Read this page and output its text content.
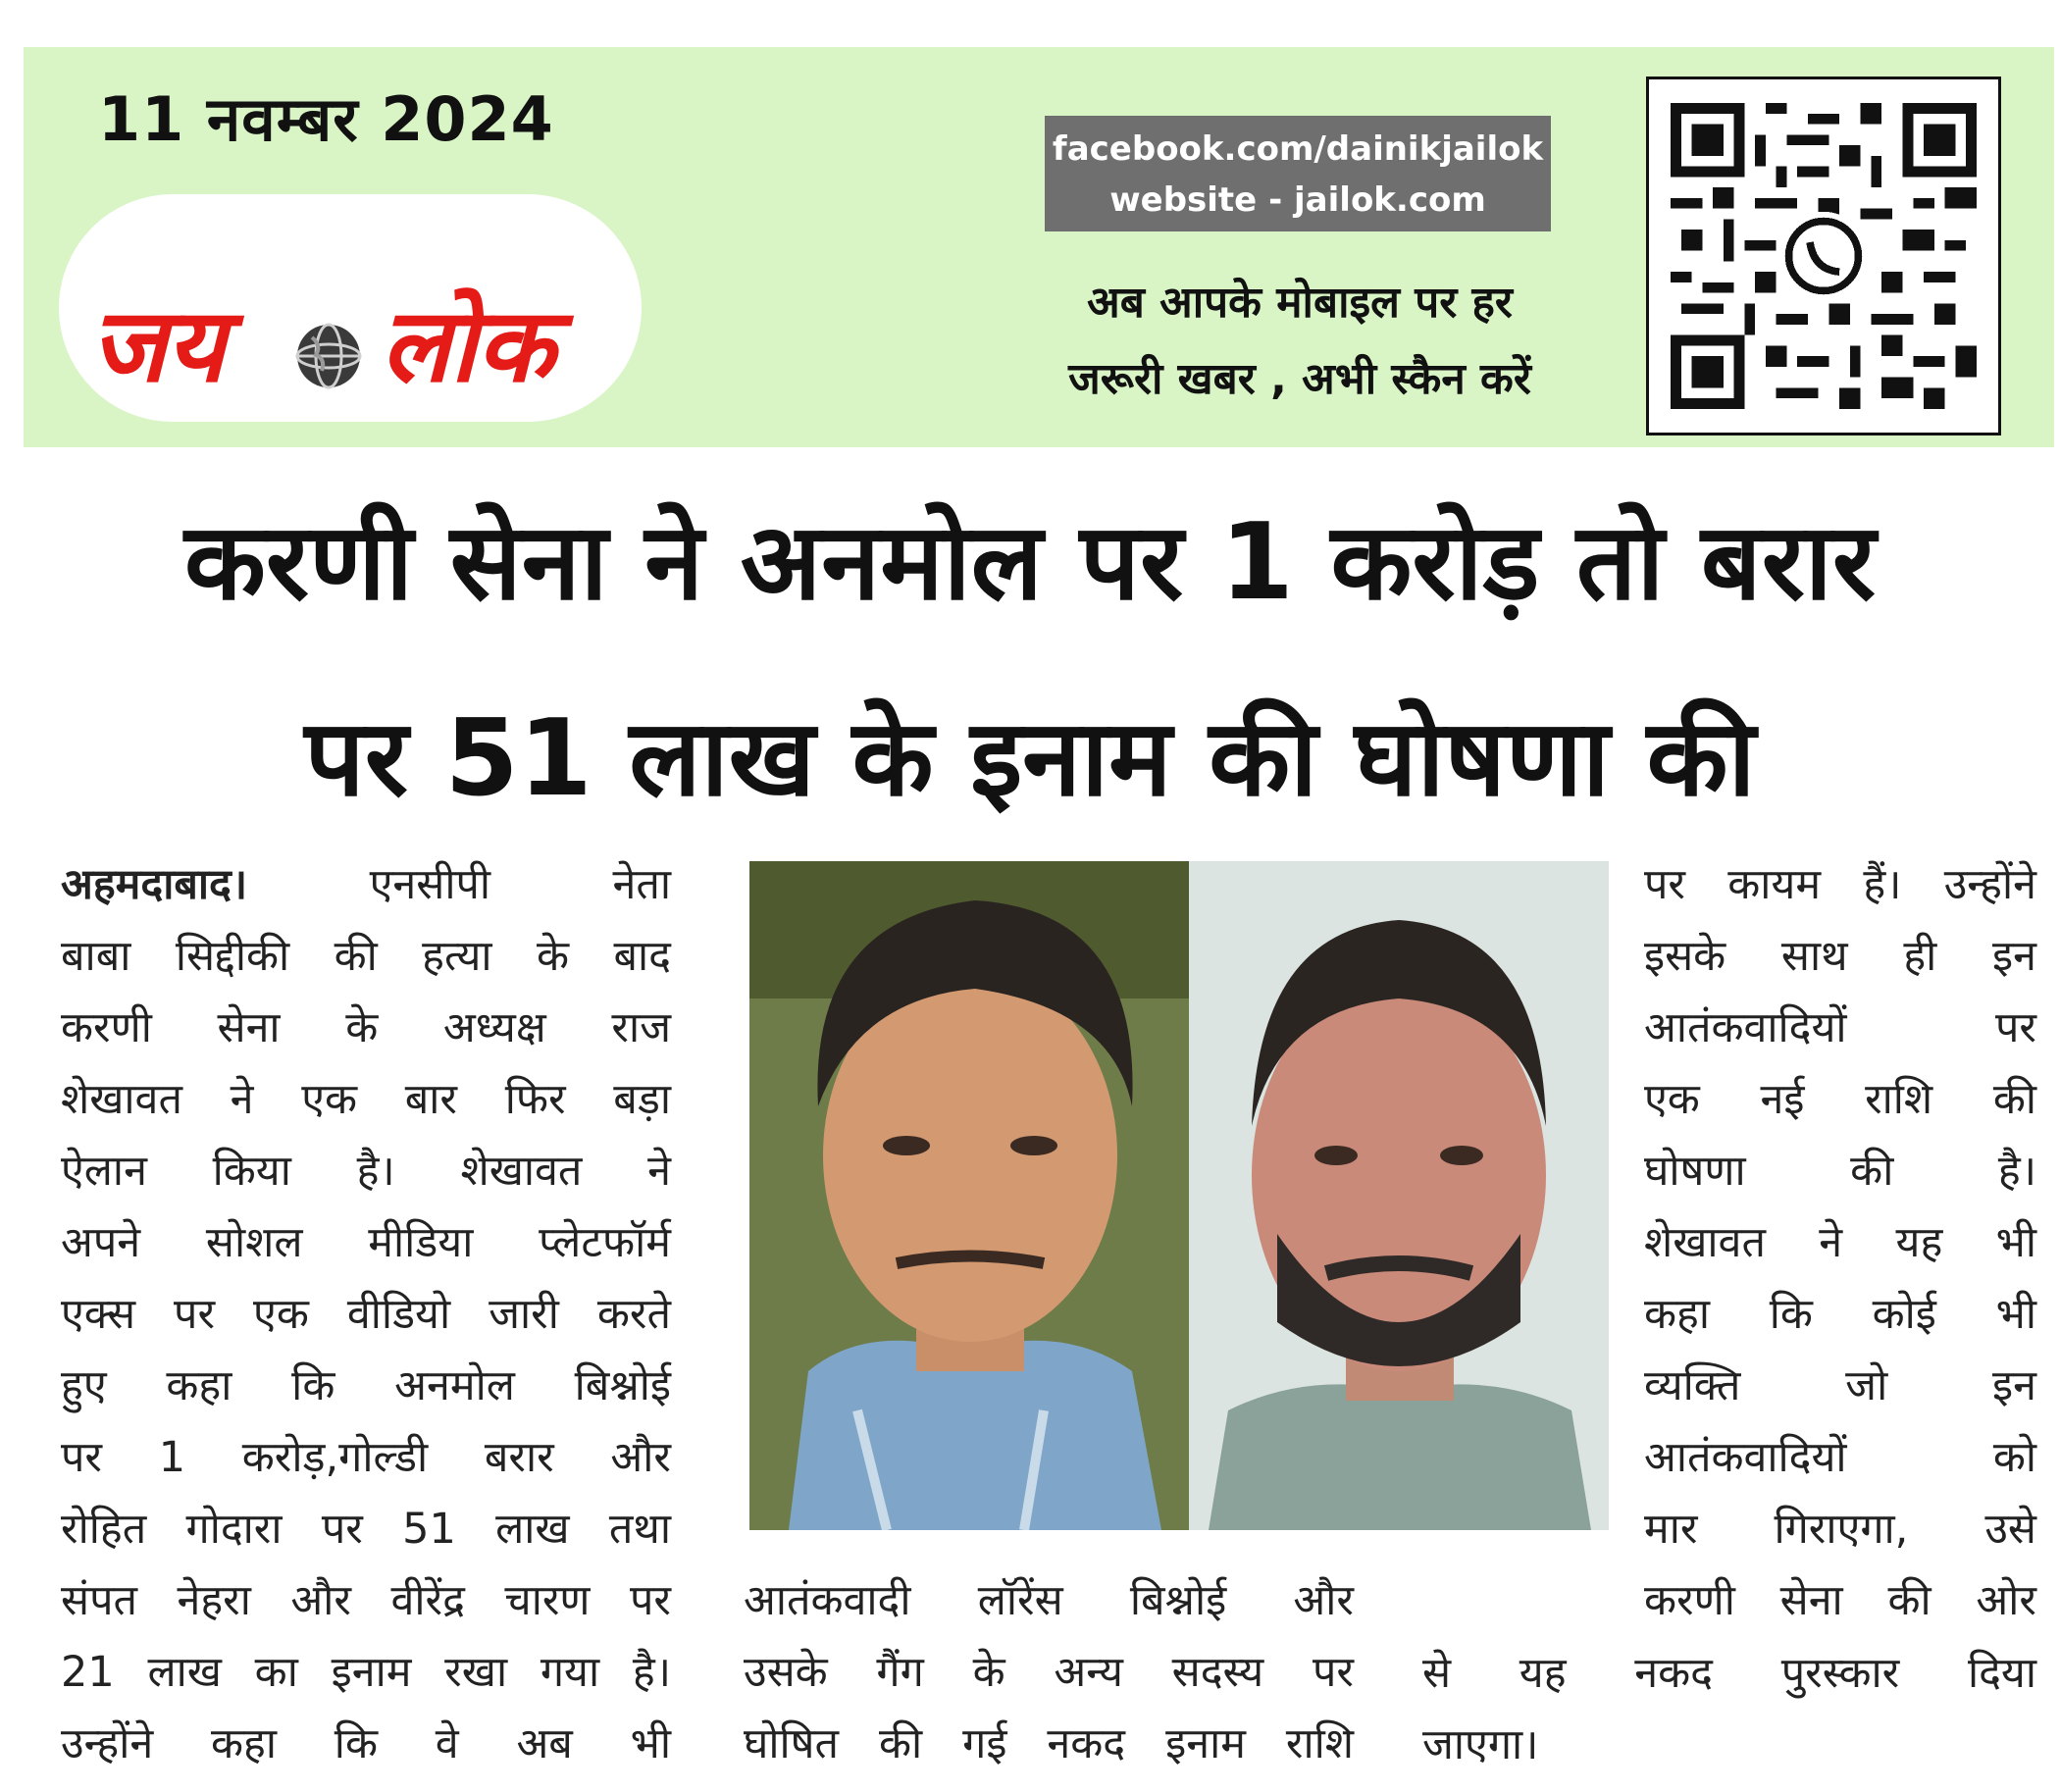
11 नवम्बर 2024
जय लोक
facebook.com/dainikjailok
website - jailok.com
अब आपके मोबाइल पर हर
जरूरी खबर , अभी स्कैन करें
करणी सेना ने अनमोल पर 1 करोड़ तो बरार
पर 51 लाख के इनाम की घोषणा की

अहमदाबाद। एनसीपी नेता

बाबा सिद्दीकी की हत्या के बाद

करणी सेना के अध्यक्ष राज

शेखावत ने एक बार फिर बड़ा

ऐलान किया है। शेखावत ने

अपने सोशल मीडिया प्लेटफॉर्म

एक्स पर एक वीडियो जारी करते

हुए कहा कि अनमोल बिश्नोई

पर 1 करोड़,गोल्डी बरार और

रोहित गोदारा पर 51 लाख तथा

संपत नेहरा और वीरेंद्र चारण पर

21 लाख का इनाम रखा गया है।

उन्होंने कहा कि वे अब भी

आतंकवादी लॉरेंस बिश्नोई और

उसके गैंग के अन्य सदस्य पर

घोषित की गई नकद इनाम राशि

पर कायम हैं। उन्होंने

इसके साथ ही इन

आतंकवादियों पर

एक नई राशि की

घोषणा की है।

शेखावत ने यह भी

कहा कि कोई भी

व्यक्ति जो इन

आतंकवादियों को

मार गिराएगा, उसे

करणी सेना की ओर

से यह नकद पुरस्कार दिया

जाएगा।
